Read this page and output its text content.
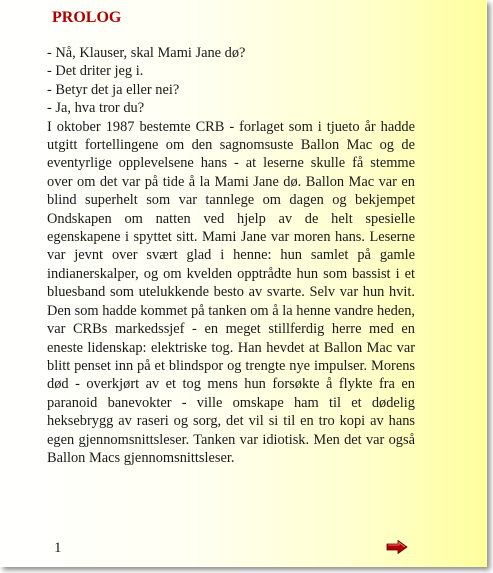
PROLOG

- Nå, Klauser, skal Mami Jane dø?

- Det driter jeg i.

- Betyr det ja eller nei?

- Ja, hva tror du?

I oktober 1987 bestemte CRB - forlaget som i tjueto år hadde utgitt fortellingene om den sagnomsuste Ballon Mac og de eventyrlige opplevelsene hans - at leserne skulle få stemme over om det var på tide å la Mami Jane dø. Ballon Mac var en blind superhelt som var tannlege om dagen og bekjempet Ondskapen om natten ved hjelp av de helt spesielle egenskapene i spyttet sitt. Mami Jane var moren hans. Leserne var jevnt over svært glad i henne: hun samlet på gamle indianerskalper, og om kvelden opptrådte hun som bassist i et bluesband som utelukkende besto av svarte. Selv var hun hvit. Den som hadde kommet på tanken om å la henne vandre heden, var CRBs markedssjef - en meget stillferdig herre med en eneste lidenskap: elektriske tog. Han hevdet at Ballon Mac var blitt penset inn på et blindspor og trengte nye impulser. Morens død - overkjørt av et tog mens hun forsøkte å flykte fra en paranoid banevokter - ville omskape ham til et dødelig heksebrygg av raseri og sorg, det vil si til en tro kopi av hans egen gjennomsnittsleser. Tanken var idiotisk. Men det var også Ballon Macs gjennomsnittsleser.

1
